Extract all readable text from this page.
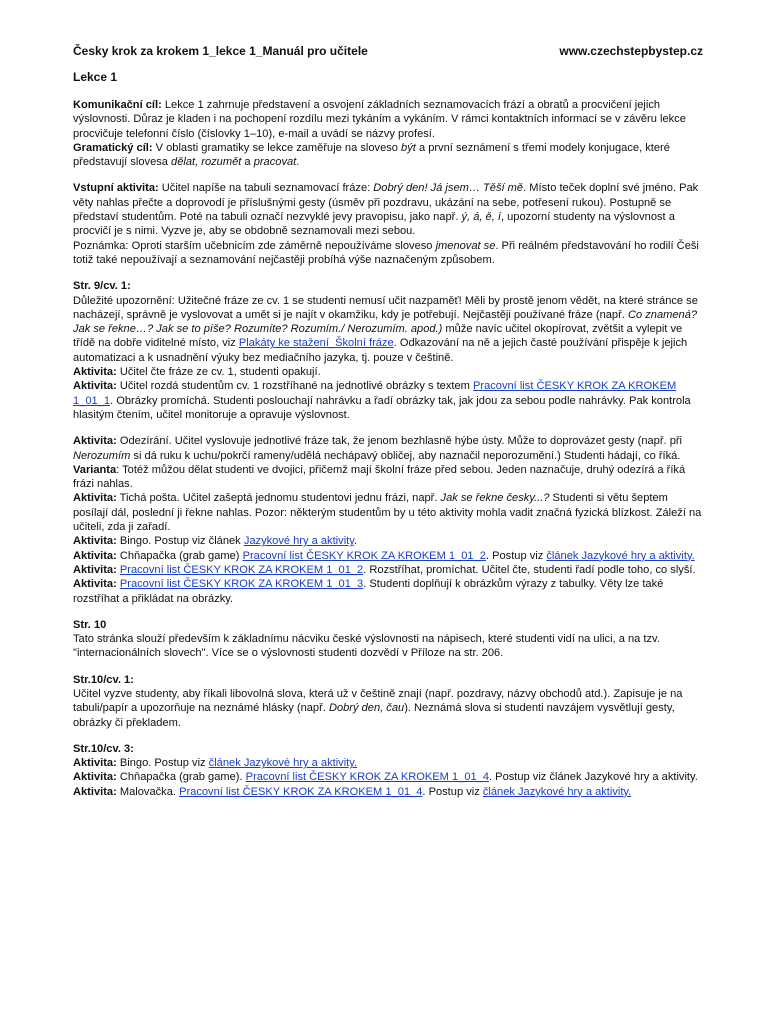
Česky krok za krokem 1_lekce 1_Manuál pro učitele	www.czechstepbystep.cz
Lekce 1

Komunikační cíl: Lekce 1 zahrnuje představení a osvojení základních seznamovacích frází a obratů a procvičení jejich výslovnosti. Důraz je kladen i na pochopení rozdílu mezi tykáním a vykáním. V rámci kontaktních informací se v závěru lekce procvičuje telefonní číslo (číslovky 1–10), e-mail a uvádí se názvy profesí.

Gramatický cíl: V oblasti gramatiky se lekce zaměřuje na sloveso být a první seznámení s třemi modely konjugace, které představují slovesa dělat, rozumět a pracovat.

Vstupní aktivita: Učitel napíše na tabuli seznamovací fráze: Dobrý den! Já jsem… Těší mě. Místo teček doplní své jméno. Pak věty nahlas přečte a doprovodí je příslušnými gesty (úsměv při pozdravu, ukázání na sebe, potřesení rukou). Postupně se představí studentům. Poté na tabuli označí nezvyklé jevy pravopisu, jako např. ý, á, ě, í, upozorní studenty na výslovnost a procvičí je s nimi. Vyzve je, aby se obdobně seznamovali mezi sebou.

Poznámka: Oproti starším učebnicím zde záměrně nepoužíváme sloveso jmenovat se. Při reálném představování ho rodilí Češi totiž také nepoužívají a seznamování nejčastěji probíhá výše naznačeným způsobem.

Str. 9/cv. 1:

Důležité upozornění: Užitečné fráze ze cv. 1 se studenti nemusí učit nazpaměť! Měli by prostě jenom vědět, na které stránce se nacházejí, správně je vyslovovat a umět si je najít v okamžiku, kdy je potřebují. Nejčastěji používané fráze (např. Co znamená? Jak se řekne…? Jak se to píše? Rozumíte? Rozumím./ Nerozumím. apod.) může navíc učitel okopírovat, zvětšit a vylepit ve třídě na dobře viditelné místo, viz Plakáty ke stažení_Školní fráze. Odkazování na ně a jejich časté používání přispěje k jejich automatizaci a k usnadnění výuky bez mediačního jazyka, tj. pouze v češtině.

Aktivita: Učitel čte fráze ze cv. 1, studenti opakují.

Aktivita: Učitel rozdá studentům cv. 1 rozstříhané na jednotlivé obrázky s textem Pracovní list ČESKY KROK ZA KROKEM 1_01_1. Obrázky promíchá. Studenti poslouchají nahrávku a řadí obrázky tak, jak jdou za sebou podle nahrávky. Pak kontrola hlasitým čtením, učitel monitoruje a opravuje výslovnost.

Aktivita: Odezírání. Učitel vyslovuje jednotlivé fráze tak, že jenom bezhlasně hýbe ústy. Může to doprovázet gesty (např. při Nerozumím si dá ruku k uchu/pokrčí rameny/udělá nechápavý obličej, aby naznačil neporozumění.) Studenti hádají, co říká.

Varianta: Totéž můžou dělat studenti ve dvojici, přičemž mají školní fráze před sebou. Jeden naznačuje, druhý odezírá a říká frázi nahlas.

Aktivita: Tichá pošta. Učitel zašeptá jednomu studentovi jednu frázi, např. Jak se řekne česky...? Studenti si větu šeptem posílají dál, poslední ji řekne nahlas. Pozor: některým studentům by u této aktivity mohla vadit značná fyzická blízkost. Záleží na učiteli, zda ji zařadí.

Aktivita: Bingo. Postup viz článek Jazykové hry a aktivity.

Aktivita: Chňapačka (grab game) Pracovní list ČESKY KROK ZA KROKEM 1_01_2. Postup viz článek Jazykové hry a aktivity.

Aktivita: Pracovní list ČESKY KROK ZA KROKEM 1_01_2. Rozstříhat, promíchat. Učitel čte, studenti řadí podle toho, co slyší.

Aktivita: Pracovní list ČESKY KROK ZA KROKEM 1_01_3. Studenti doplňují k obrázkům výrazy z tabulky. Věty lze také rozstříhat a přikládat na obrázky.

Str. 10

Tato stránka slouží především k základnímu nácviku české výslovnosti na nápisech, které studenti vidí na ulici, a na tzv. "internacionálních slovech". Více se o výslovnosti studenti dozvědí v Příloze na str. 206.

Str.10/cv. 1:

Učitel vyzve studenty, aby říkali libovolná slova, která už v češtině znají (např. pozdravy, názvy obchodů atd.). Zapisuje je na tabuli/papír a upozorňuje na neznámé hlásky (např. Dobrý den, čau). Neznámá slova si studenti navzájem vysvětlují gesty, obrázky či překladem.

Str.10/cv. 3:

Aktivita: Bingo. Postup viz článek Jazykové hry a aktivity.

Aktivita: Chňapačka (grab game). Pracovní list ČESKY KROK ZA KROKEM 1_01_4. Postup viz článek Jazykové hry a aktivity.

Aktivita: Malovačka. Pracovní list ČESKY KROK ZA KROKEM 1_01_4. Postup viz článek Jazykové hry a aktivity.
